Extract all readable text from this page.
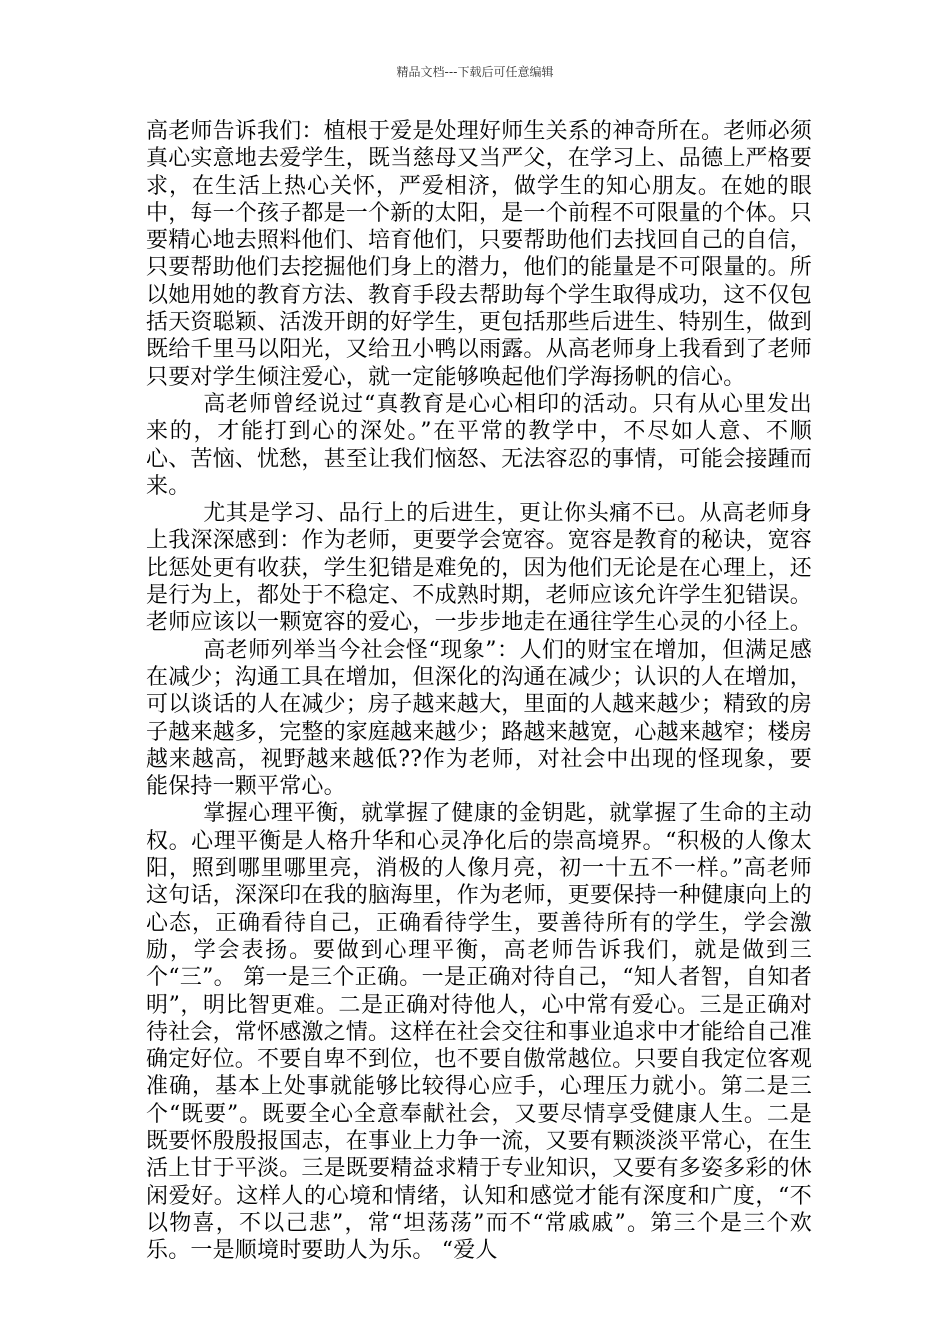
精品文档---下载后可任意编辑

高老师告诉我们：植根于爱是处理好师生关系的神奇所在。老师必须真心实意地去爱学生，既当慈母又当严父，在学习上、品德上严格要求，在生活上热心关怀，严爱相济，做学生的知心朋友。在她的眼中，每一个孩子都是一个新的太阳，是一个前程不可限量的个体。只要精心地去照料他们、培育他们，只要帮助他们去找回自己的自信，只要帮助他们去挖掘他们身上的潜力，他们的能量是不可限量的。所以她用她的教育方法、教育手段去帮助每个学生取得成功，这不仅包括天资聪颖、活泼开朗的好学生，更包括那些后进生、特别生，做到既给千里马以阳光，又给丑小鸭以雨露。从高老师身上我看到了老师只要对学生倾注爱心，就一定能够唤起他们学海扬帆的信心。

高老师曾经说过“真教育是心心相印的活动。只有从心里发出来的，才能打到心的深处。”在平常的教学中，不尽如人意、不顺心、苦恼、忧愁，甚至让我们恼怒、无法容忍的事情，可能会接踵而来。

尤其是学习、品行上的后进生，更让你头痛不已。从高老师身上我深深感到：作为老师，更要学会宽容。宽容是教育的秘诀，宽容比惩处更有收获，学生犯错是难免的，因为他们无论是在心理上，还是行为上，都处于不稳定、不成熟时期，老师应该允许学生犯错误。老师应该以一颗宽容的爱心，一步步地走在通往学生心灵的小径上。

高老师列举当今社会怪“现象”：人们的财宝在增加，但满足感在减少；沟通工具在增加，但深化的沟通在减少；认识的人在增加，可以谈话的人在减少；房子越来越大，里面的人越来越少；精致的房子越来越多，完整的家庭越来越少；路越来越宽，心越来越窄；楼房越来越高，视野越来越低??作为老师，对社会中出现的怪现象，要能保持一颗平常心。

掌握心理平衡，就掌握了健康的金钥匙，就掌握了生命的主动权。心理平衡是人格升华和心灵净化后的崇高境界。“积极的人像太阳，照到哪里哪里亮，消极的人像月亮，初一十五不一样。”高老师这句话，深深印在我的脑海里，作为老师，更要保持一种健康向上的心态，正确看待自己，正确看待学生，要善待所有的学生，学会激励，学会表扬。要做到心理平衡，高老师告诉我们，就是做到三个“三”。 第一是三个正确。一是正确对待自己，“知人者智，自知者明”，明比智更难。二是正确对待他人，心中常有爱心。三是正确对待社会，常怀感激之情。这样在社会交往和事业追求中才能给自己准确定好位。不要自卑不到位，也不要自傲常越位。只要自我定位客观准确，基本上处事就能够比较得心应手，心理压力就小。第二是三个“既要”。既要全心全意奉献社会，又要尽情享受健康人生。二是既要怀殷殷报国志，在事业上力争一流，又要有颗淡淡平常心，在生活上甘于平淡。三是既要精益求精于专业知识，又要有多姿多彩的休闲爱好。这样人的心境和情绪，认知和感觉才能有深度和广度，“不以物喜，不以己悲”，常“坦荡荡”而不“常戚戚”。第三个是三个欢乐。一是顺境时要助人为乐。 “爱人
